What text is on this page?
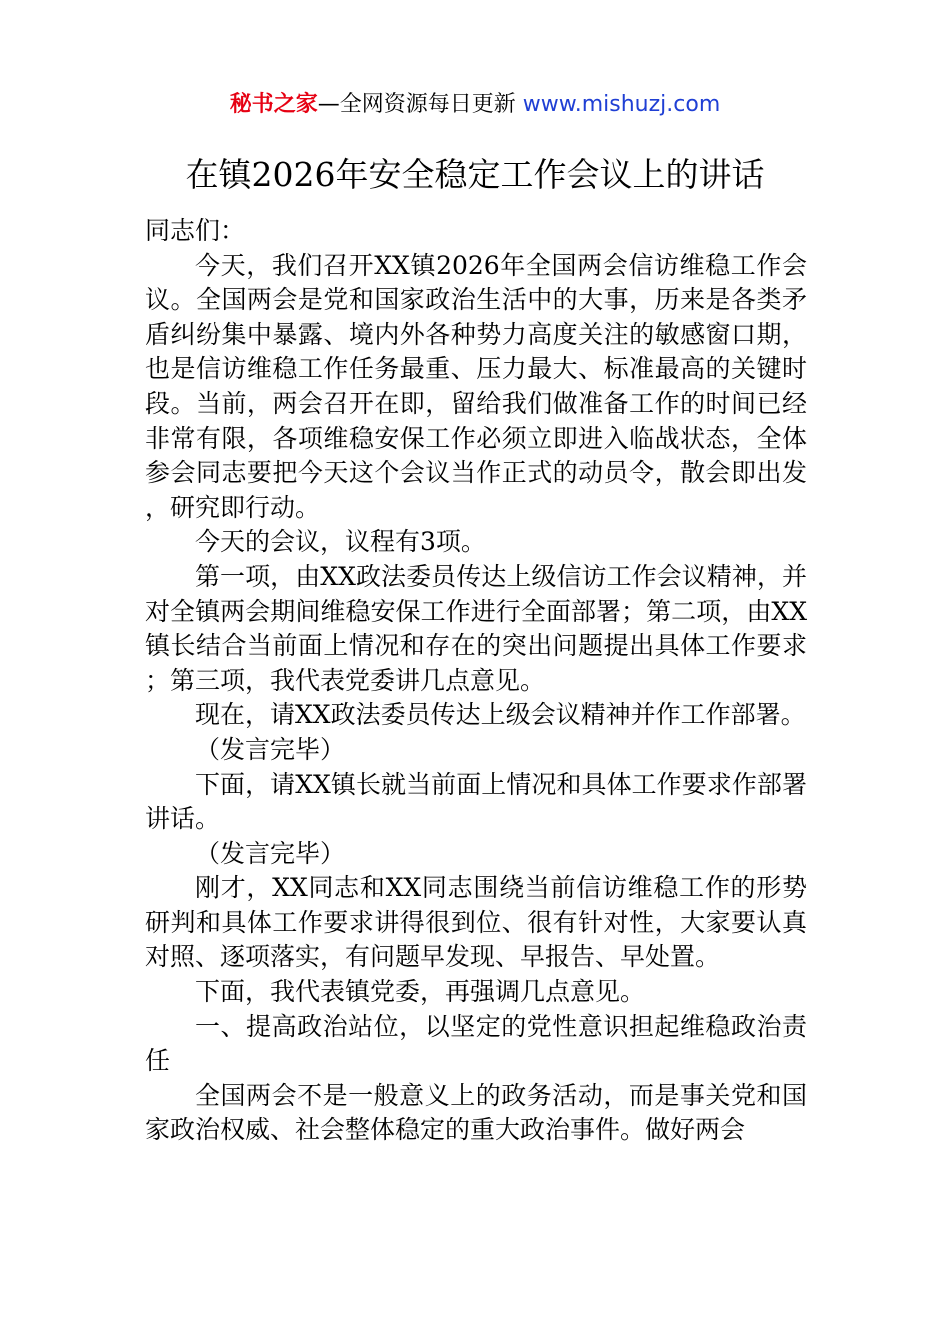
秘书之家—全网资源每日更新 www.mishuzj.com
在镇2026年安全稳定工作会议上的讲话

同志们：

今天，我们召开XX镇2026年全国两会信访维稳工作会议。全国两会是党和国家政治生活中的大事，历来是各类矛盾纠纷集中暴露、境内外各种势力高度关注的敏感窗口期，也是信访维稳工作任务最重、压力最大、标准最高的关键时段。当前，两会召开在即，留给我们做准备工作的时间已经非常有限，各项维稳安保工作必须立即进入临战状态，全体参会同志要把今天这个会议当作正式的动员令，散会即出发，研究即行动。

今天的会议，议程有3项。

第一项，由XX政法委员传达上级信访工作会议精神，并对全镇两会期间维稳安保工作进行全面部署；第二项，由XX镇长结合当前面上情况和存在的突出问题提出具体工作要求；第三项，我代表党委讲几点意见。

现在，请XX政法委员传达上级会议精神并作工作部署。

（发言完毕）

下面，请XX镇长就当前面上情况和具体工作要求作部署讲话。

（发言完毕）

刚才，XX同志和XX同志围绕当前信访维稳工作的形势研判和具体工作要求讲得很到位、很有针对性，大家要认真对照、逐项落实，有问题早发现、早报告、早处置。

下面，我代表镇党委，再强调几点意见。

一、提高政治站位，以坚定的党性意识担起维稳政治责任

全国两会不是一般意义上的政务活动，而是事关党和国家政治权威、社会整体稳定的重大政治事件。做好两会
